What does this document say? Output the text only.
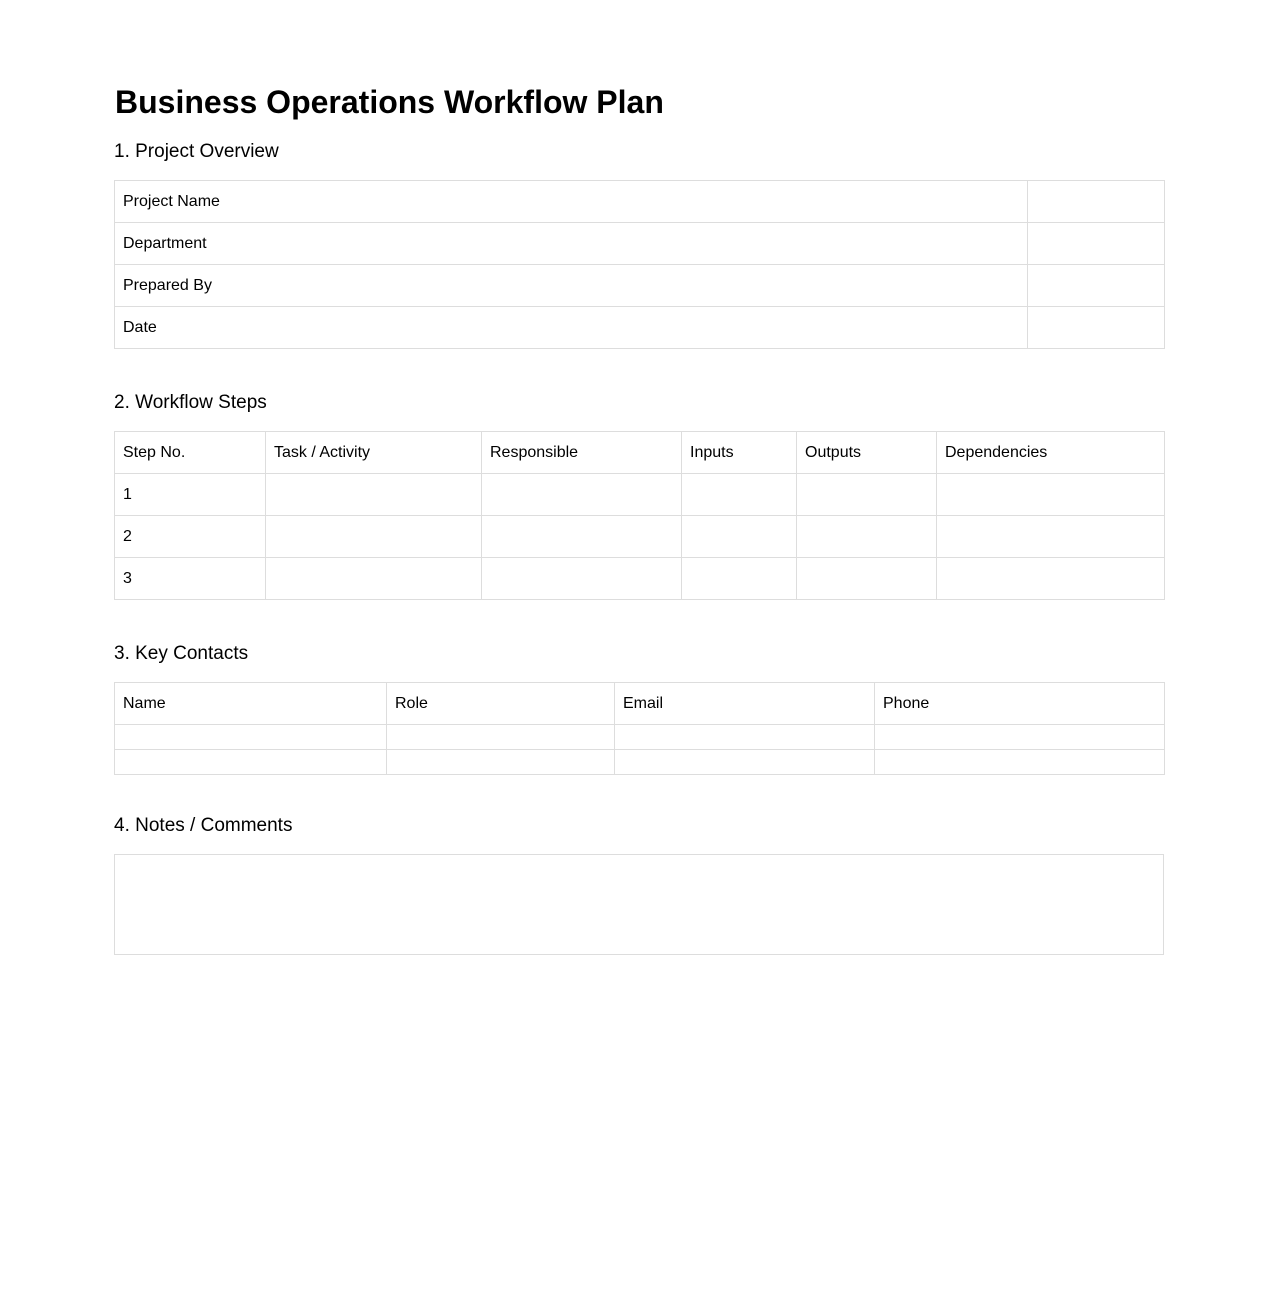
Business Operations Workflow Plan
1. Project Overview
Project Name	
Department	
Prepared By	
Date	
2. Workflow Steps
Step No.	Task / Activity	Responsible	Inputs	Outputs	Dependencies
1					
2					
3					
3. Key Contacts
Name	Role	Email	Phone

4. Notes / Comments
